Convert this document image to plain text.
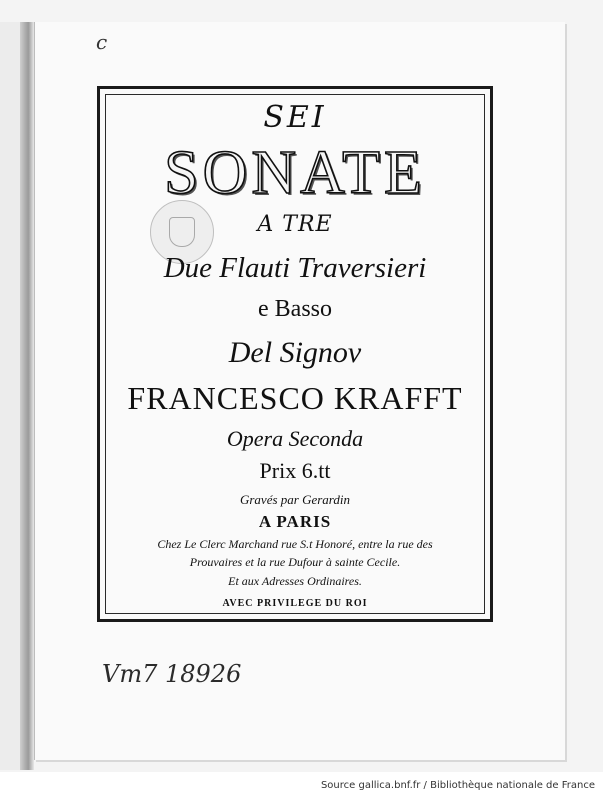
c
SEI
SONATE
A TRE
Due Flauti Traversieri
e Basso
Del Signov
FRANCESCO KRAFFT
Opera Seconda
Prix 6.tt
Gravés par Gerardin
A PARIS
Chez Le Clerc Marchand rue S.t Honoré, entre la rue des
Prouvaires et la rue Dufour à sainte Cecile.
Et aux Adresses Ordinaires.
AVEC PRIVILEGE DU ROI
Vm7 18926
Source gallica.bnf.fr / Bibliothèque nationale de France
